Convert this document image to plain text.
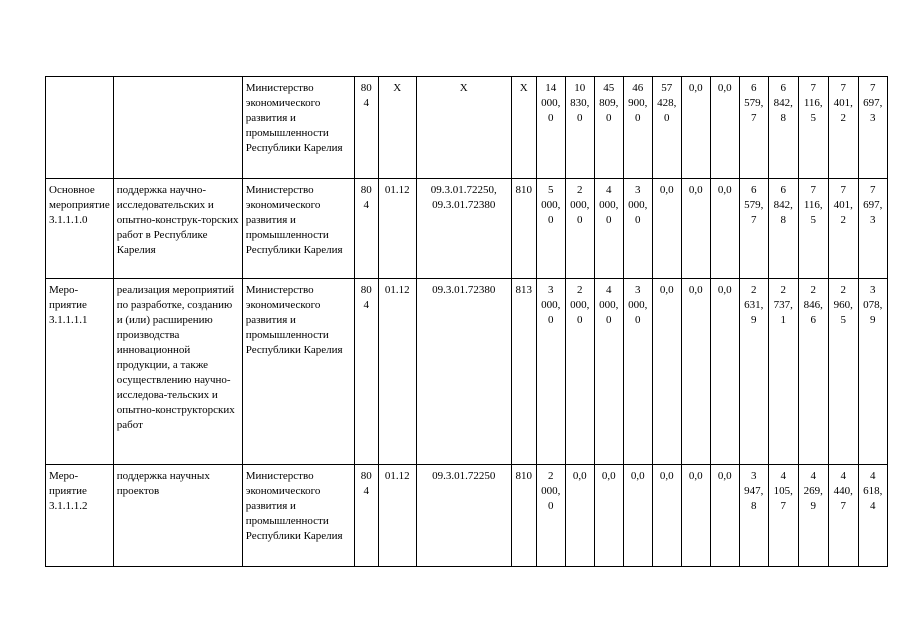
		Министерство экономического развития и промышленности Республики Карелия	80
4	X	X	X	14
000,
0	10
830,
0	45
809,
0	46
900,
0	57
428,
0	0,0	0,0	6
579,
7	6
842,
8	7
116,
5	7
401,
2	7
697,
3
Основное мероприятие 3.1.1.1.0	поддержка научно-исследовательских и опытно-конструк-торских работ в Республике Карелия	Министерство экономического развития и промышленности Республики Карелия	80
4	01.12	09.3.01.72250,
09.3.01.72380	810	5
000,
0	2
000,
0	4
000,
0	3
000,
0	0,0	0,0	0,0	6
579,
7	6
842,
8	7
116,
5	7
401,
2	7
697,
3
Меро-приятие 3.1.1.1.1	реализация мероприятий по разработке, созданию и (или) расширению производства инновационной продукции, а также осуществлению научно-исследова-тельских и опытно-конструкторских работ	Министерство экономического развития и промышленности Республики Карелия	80
4	01.12	09.3.01.72380	813	3
000,
0	2
000,
0	4
000,
0	3
000,
0	0,0	0,0	0,0	2
631,
9	2
737,
1	2
846,
6	2
960,
5	3
078,
9
Меро-приятие 3.1.1.1.2	поддержка научных проектов	Министерство экономического развития и промышленности Республики Карелия	80
4	01.12	09.3.01.72250	810	2
000,
0	0,0	0,0	0,0	0,0	0,0	0,0	3
947,
8	4
105,
7	4
269,
9	4
440,
7	4
618,
4
